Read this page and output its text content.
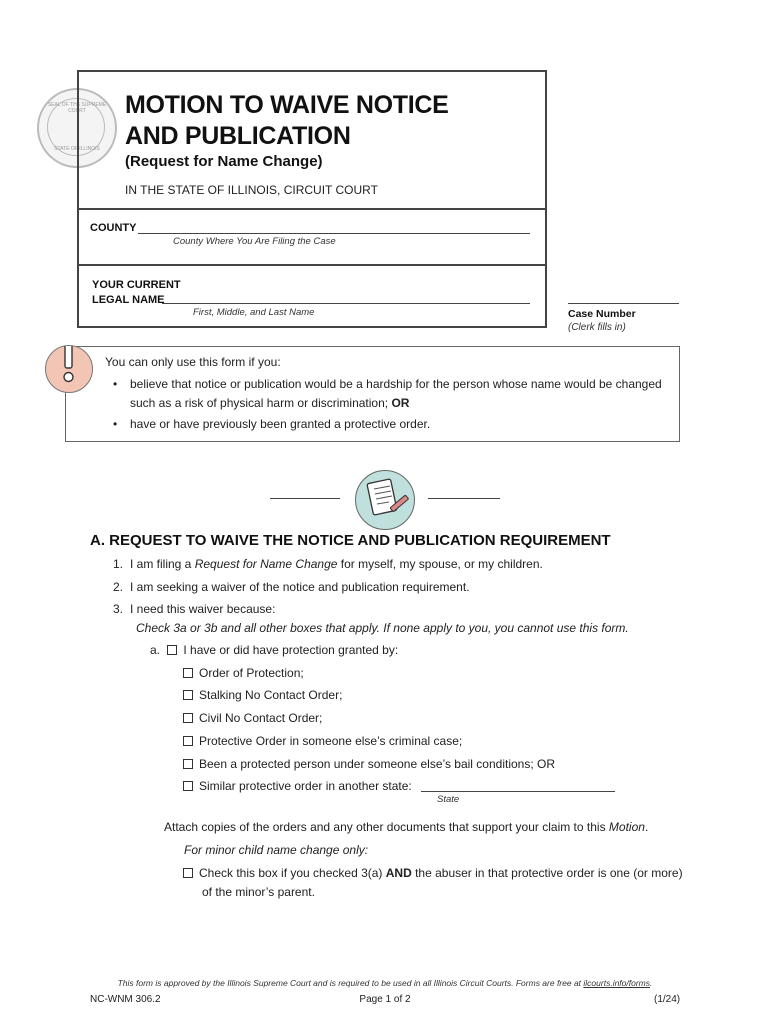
SEAL OF THE SUPREME COURT
STATE OF ILLINOIS
MOTION TO WAIVE NOTICE
AND PUBLICATION
(Request for Name Change)
IN THE STATE OF ILLINOIS, CIRCUIT COURT
COUNTY
County Where You Are Filing the Case
YOUR CURRENT
LEGAL NAME
First, Middle, and Last Name	Case Number
(Clerk fills in)
You can only use this form if you:
• believe that notice or publication would be a hardship for the person whose name would be changed
such as a risk of physical harm or discrimination; OR
• have or have previously been granted a protective order.
A. REQUEST TO WAIVE THE NOTICE AND PUBLICATION REQUIREMENT
1. I am filing a Request for Name Change for myself, my spouse, or my children.
2. I am seeking a waiver of the notice and publication requirement.
3. I need this waiver because:
Check 3a or 3b and all other boxes that apply. If none apply to you, you cannot use this form.
a. I have or did have protection granted by:
Order of Protection;
Stalking No Contact Order;
Civil No Contact Order;
Protective Order in someone else’s criminal case;
Been a protected person under someone else’s bail conditions; OR
Similar protective order in another state:
State
Attach copies of the orders and any other documents that support your claim to this Motion.
For minor child name change only:
Check this box if you checked 3(a) AND the abuser in that protective order is one (or more)
of the minor’s parent.
This form is approved by the Illinois Supreme Court and is required to be used in all Illinois Circuit Courts. Forms are free at ilcourts.info/forms.
NC-WNM 306.2	Page 1 of 2	(1/24)
